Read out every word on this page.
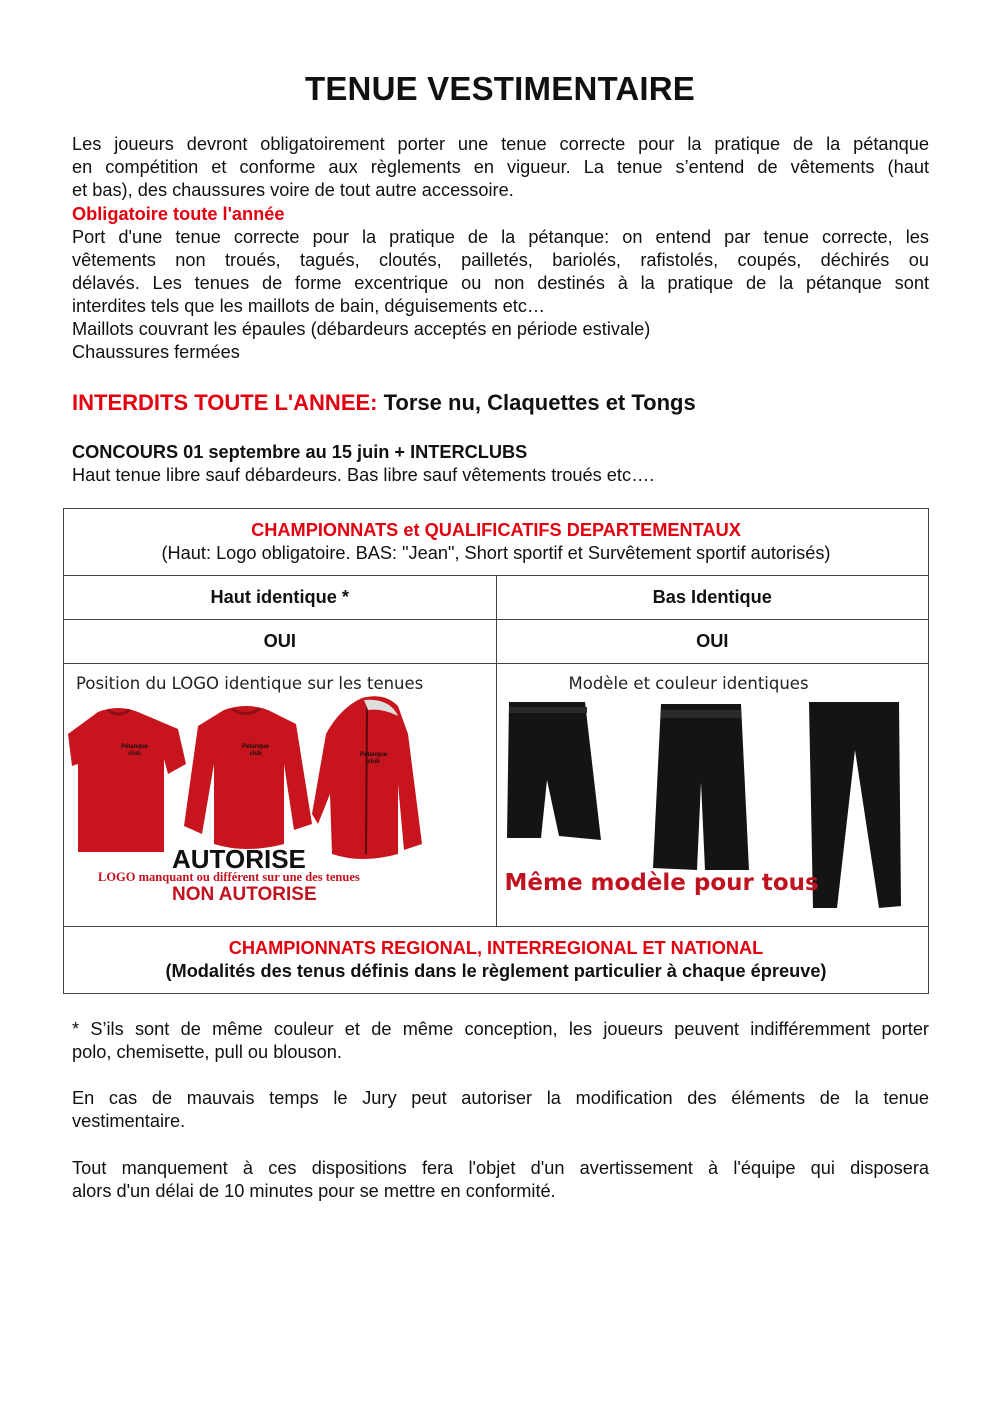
TENUE VESTIMENTAIRE
Les joueurs devront obligatoirement porter une tenue correcte pour la pratique de la pétanque
en compétition et conforme aux règlements en vigueur. La tenue s’entend de vêtements (haut
et bas), des chaussures voire de tout autre accessoire.
Obligatoire toute l'année
Port d'une tenue correcte pour la pratique de la pétanque: on entend par tenue correcte, les
vêtements non troués, tagués, cloutés, pailletés, bariolés, rafistolés, coupés, déchirés ou
délavés. Les tenues de forme excentrique ou non destinés à la pratique de la pétanque sont
interdites tels que les maillots de bain, déguisements etc…
Maillots couvrant les épaules (débardeurs acceptés en période estivale)
Chaussures fermées
INTERDITS TOUTE L'ANNEE: Torse nu, Claquettes et Tongs
CONCOURS 01 septembre au 15 juin + INTERCLUBS
Haut tenue libre sauf débardeurs. Bas libre sauf vêtements troués etc….
CHAMPIONNATS et QUALIFICATIFS DEPARTEMENTAUX
(Haut: Logo obligatoire. BAS: "Jean", Short sportif et Survêtement sportif autorisés)	

Haut identique *	Bas Identique
OUI	OUI

Position du LOGO identique sur les tenues
Pétanque
club
Pétanque
club	Pétanque
club
AUTORISE
LOGO manquant ou différent sur une des tenues
NON AUTORISE

Modèle et couleur identiques
Même modèle pour tous

CHAMPIONNATS REGIONAL, INTERREGIONAL ET NATIONAL
(Modalités des tenus définis dans le règlement particulier à chaque épreuve)	
* S’ils sont de même couleur et de même conception, les joueurs peuvent indifféremment porter
polo, chemisette, pull ou blouson.
En cas de mauvais temps le Jury peut autoriser la modification des éléments de la tenue
vestimentaire.
Tout manquement à ces dispositions fera l'objet d'un avertissement à l'équipe qui disposera
alors d'un délai de 10 minutes pour se mettre en conformité.
